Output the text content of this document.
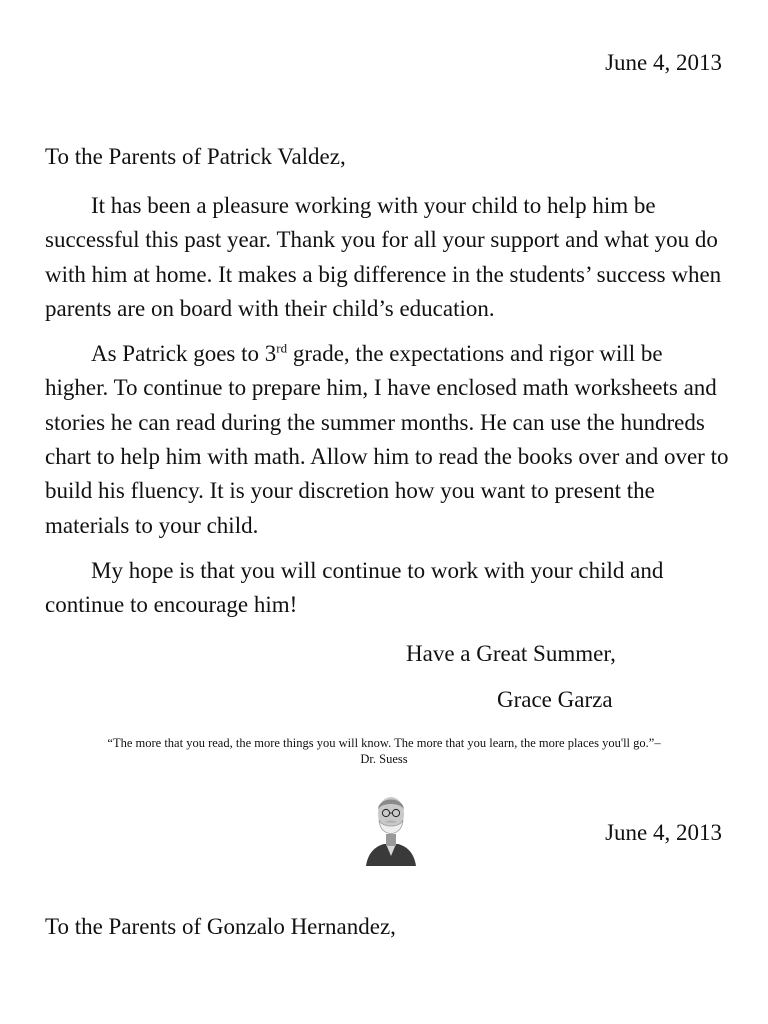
June 4, 2013
To the Parents of Patrick Valdez,

It has been a pleasure working with your child to help him be successful this past year. Thank you for all your support and what you do with him at home. It makes a big difference in the students’ success when parents are on board with their child’s education.

As Patrick goes to 3rd grade, the expectations and rigor will be higher. To continue to prepare him, I have enclosed math worksheets and stories he can read during the summer months. He can use the hundreds chart to help him with math. Allow him to read the books over and over to build his fluency. It is your discretion how you want to present the materials to your child.

My hope is that you will continue to work with your child and continue to encourage him!

Have a Great Summer,
Grace Garza
“The more that you read, the more things you will know. The more that you learn, the more places you'll go.”–
Dr. Suess
June 4, 2013
To the Parents of Gonzalo Hernandez,
